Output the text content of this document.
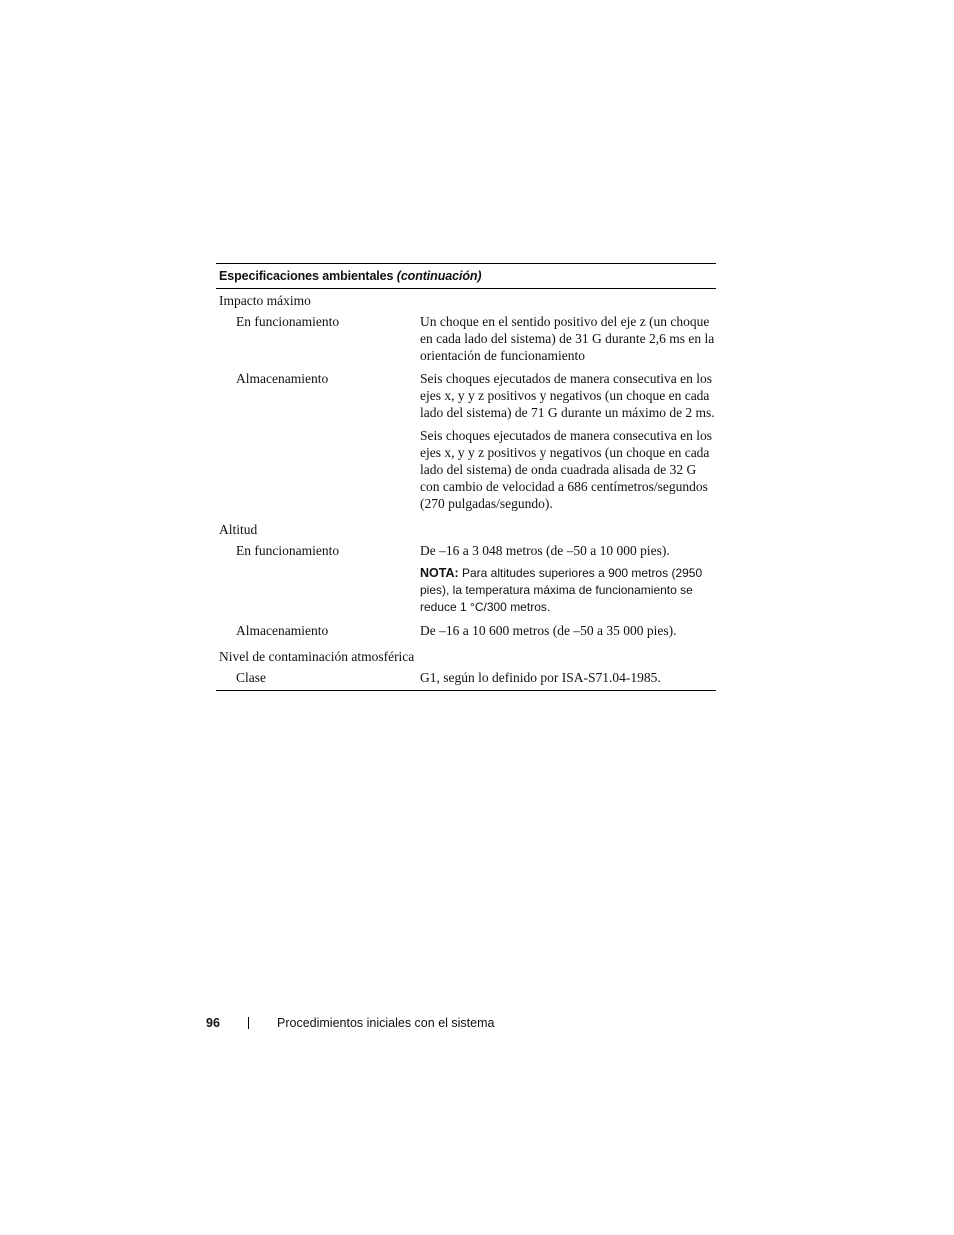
Especificaciones ambientales (continuación)
Impacto máximo
En funcionamiento	Un choque en el sentido positivo del eje z (un choque en cada lado del sistema) de 31 G durante 2,6 ms en la orientación de funcionamiento
Almacenamiento	Seis choques ejecutados de manera consecutiva en los ejes x, y y z positivos y negativos (un choque en cada lado del sistema) de 71 G durante un máximo de 2 ms.
Seis choques ejecutados de manera consecutiva en los ejes x, y y z positivos y negativos (un choque en cada lado del sistema) de onda cuadrada alisada de 32 G con cambio de velocidad a 686 centímetros/segundos (270 pulgadas/segundo).
Altitud
En funcionamiento	De –16 a 3 048 metros (de –50 a 10 000 pies).
NOTA: Para altitudes superiores a 900 metros (2950 pies), la temperatura máxima de funcionamiento se reduce 1 °C/300 metros.
Almacenamiento	De –16 a 10 600 metros (de –50 a 35 000 pies).
Nivel de contaminación atmosférica
Clase	G1, según lo definido por ISA-S71.04-1985.
96	Procedimientos iniciales con el sistema
